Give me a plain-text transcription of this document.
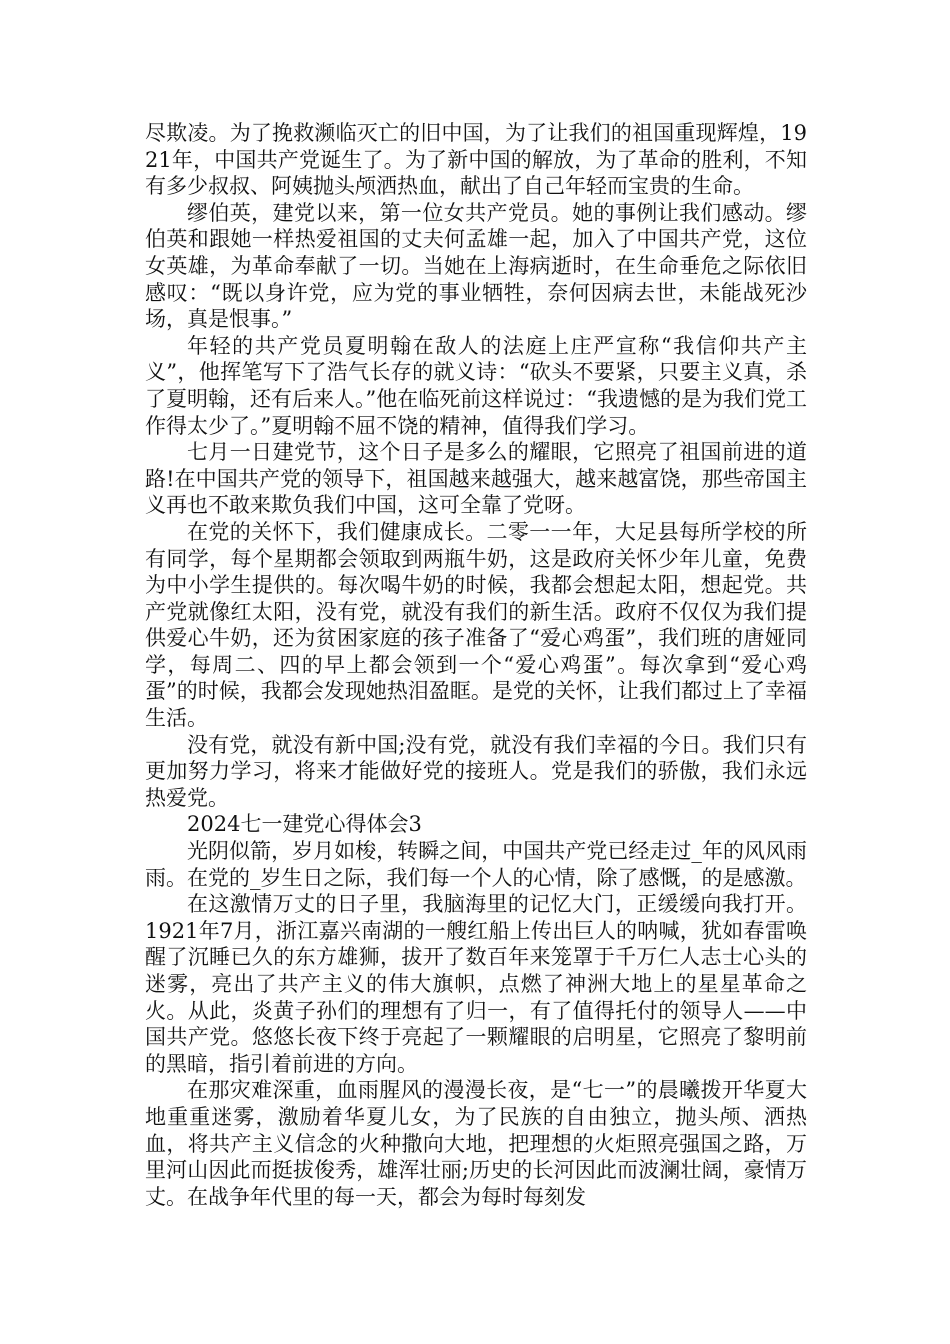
尽欺凌。为了挽救濒临灭亡的旧中国，为了让我们的祖国重现辉煌，1921年，中国共产党诞生了。为了新中国的解放，为了革命的胜利，不知有多少叔叔、阿姨抛头颅洒热血，献出了自己年轻而宝贵的生命。

缪伯英，建党以来，第一位女共产党员。她的事例让我们感动。缪伯英和跟她一样热爱祖国的丈夫何孟雄一起，加入了中国共产党，这位女英雄，为革命奉献了一切。当她在上海病逝时，在生命垂危之际依旧感叹：“既以身许党，应为党的事业牺牲，奈何因病去世，未能战死沙场，真是恨事。”

年轻的共产党员夏明翰在敌人的法庭上庄严宣称“我信仰共产主义”，他挥笔写下了浩气长存的就义诗：“砍头不要紧，只要主义真，杀了夏明翰，还有后来人。”他在临死前这样说过：“我遗憾的是为我们党工作得太少了。”夏明翰不屈不饶的精神，值得我们学习。

七月一日建党节，这个日子是多么的耀眼，它照亮了祖国前进的道路!在中国共产党的领导下，祖国越来越强大，越来越富饶，那些帝国主义再也不敢来欺负我们中国，这可全靠了党呀。

在党的关怀下，我们健康成长。二零一一年，大足县每所学校的所有同学，每个星期都会领取到两瓶牛奶，这是政府关怀少年儿童，免费为中小学生提供的。每次喝牛奶的时候，我都会想起太阳，想起党。共产党就像红太阳，没有党，就没有我们的新生活。政府不仅仅为我们提供爱心牛奶，还为贫困家庭的孩子准备了“爱心鸡蛋”，我们班的唐娅同学，每周二、四的早上都会领到一个“爱心鸡蛋”。每次拿到“爱心鸡蛋”的时候，我都会发现她热泪盈眶。是党的关怀，让我们都过上了幸福生活。

没有党，就没有新中国;没有党，就没有我们幸福的今日。我们只有更加努力学习，将来才能做好党的接班人。党是我们的骄傲，我们永远热爱党。

2024七一建党心得体会3

光阴似箭，岁月如梭，转瞬之间，中国共产党已经走过_年的风风雨雨。在党的_岁生日之际，我们每一个人的心情，除了感慨，的是感激。

在这激情万丈的日子里，我脑海里的记忆大门，正缓缓向我打开。1921年7月，浙江嘉兴南湖的一艘红船上传出巨人的呐喊，犹如春雷唤醒了沉睡已久的东方雄狮，拔开了数百年来笼罩于千万仁人志士心头的迷雾，亮出了共产主义的伟大旗帜，点燃了神洲大地上的星星革命之火。从此，炎黄子孙们的理想有了归一，有了值得托付的领导人——中国共产党。悠悠长夜下终于亮起了一颗耀眼的启明星，它照亮了黎明前的黑暗，指引着前进的方向。

在那灾难深重，血雨腥风的漫漫长夜，是“七一”的晨曦拨开华夏大地重重迷雾，激励着华夏儿女，为了民族的自由独立，抛头颅、洒热血，将共产主义信念的火种撒向大地，把理想的火炬照亮强国之路，万里河山因此而挺拔俊秀，雄浑壮丽;历史的长河因此而波澜壮阔，豪情万丈。在战争年代里的每一天，都会为每时每刻发
